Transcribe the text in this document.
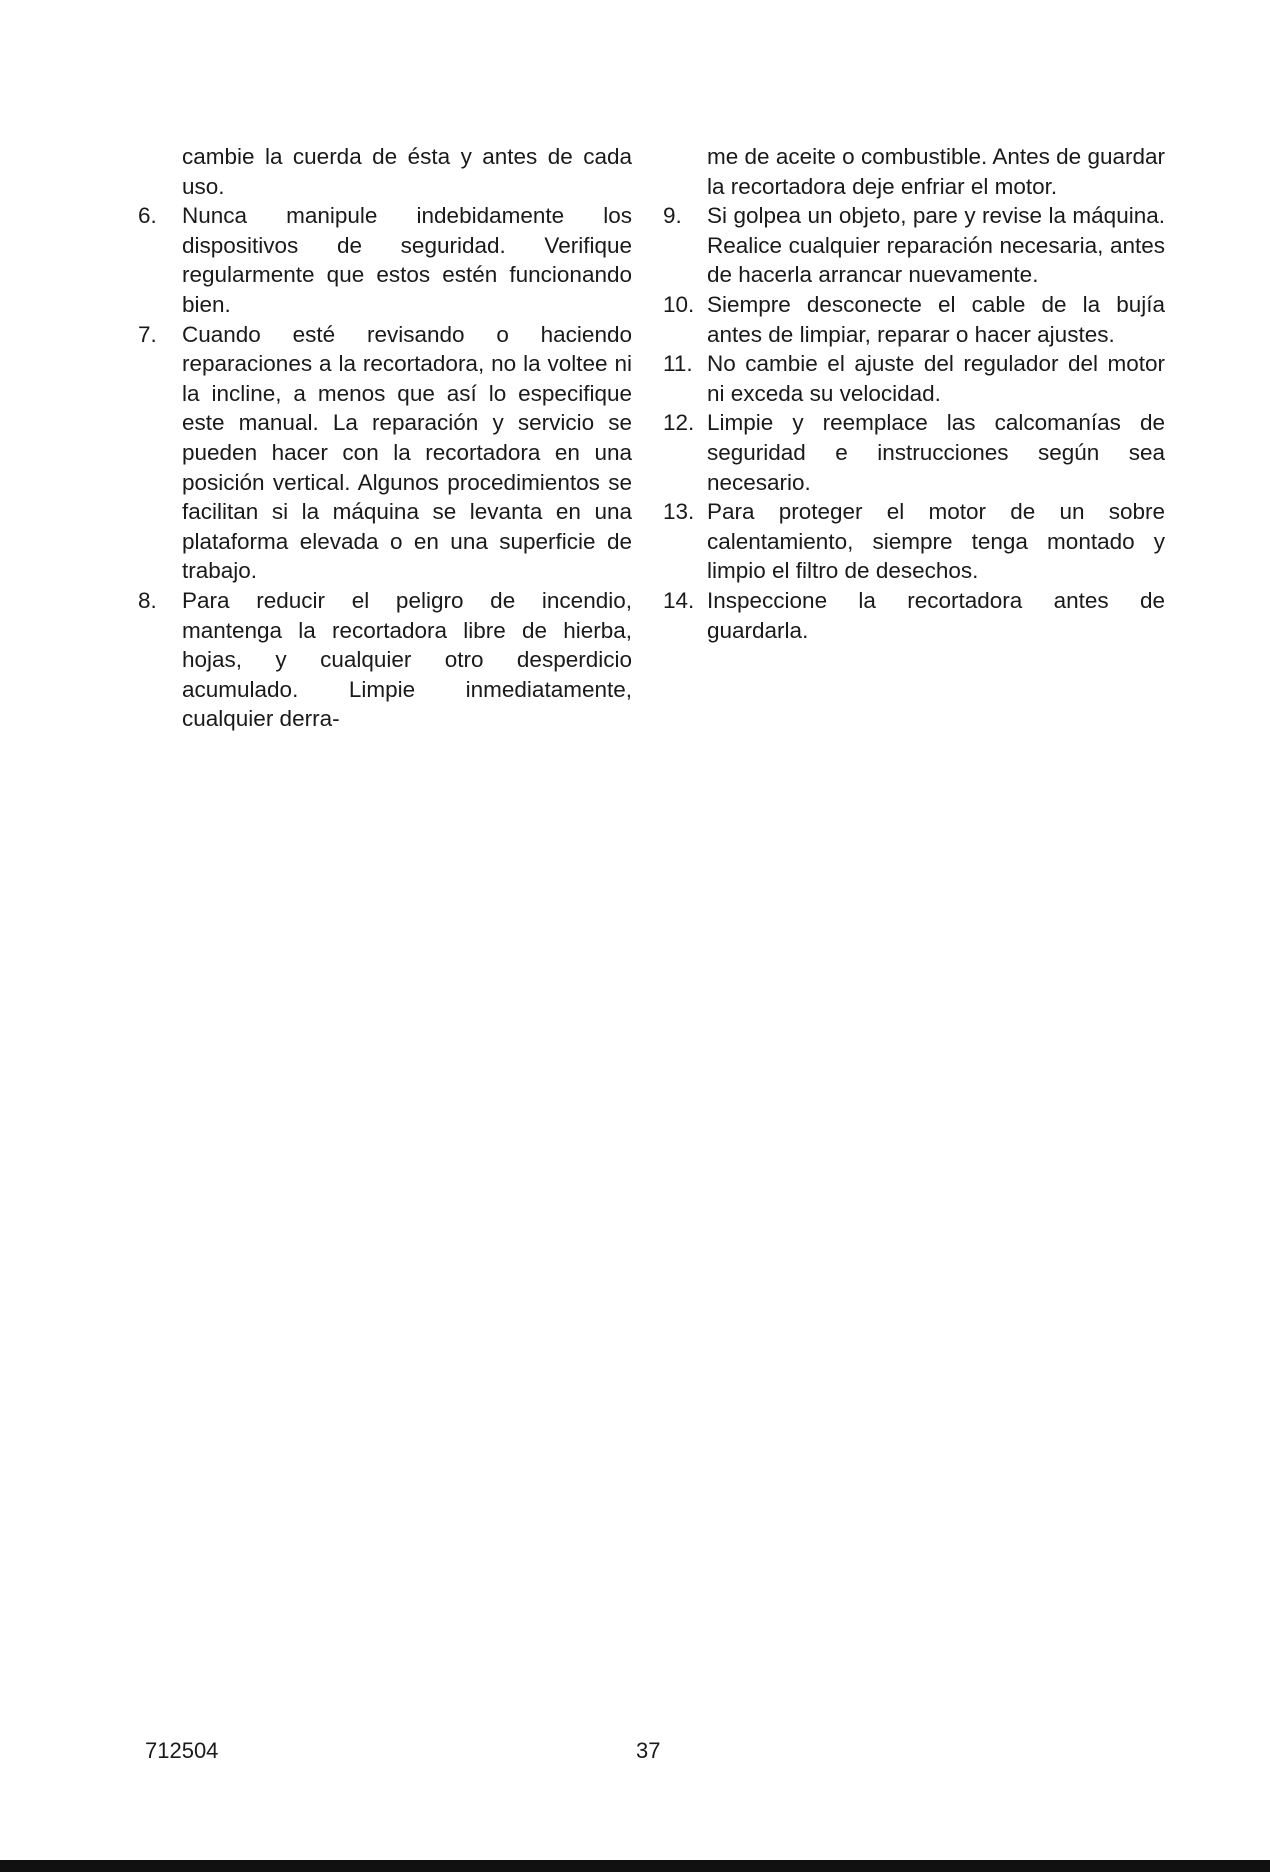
cambie la cuerda de ésta y antes de cada uso.
6.	Nunca manipule indebidamente los dispositivos de seguridad. Verifique regularmente que estos estén funcionando bien.
7.	Cuando esté revisando o haciendo reparaciones a la recortadora, no la voltee ni la incline, a menos que así lo especifique este manual. La reparación y servicio se pueden hacer con la recortadora en una posición vertical. Algunos procedimientos se facilitan si la máquina se levanta en una plataforma elevada o en una superficie de trabajo.
8.	Para reducir el peligro de incendio, mantenga la recortadora libre de hierba, hojas, y cualquier otro desperdicio acumulado. Limpie inmediatamente, cualquier derra-
me de aceite o combustible. Antes de guardar la recortadora deje enfriar el motor.
9.	Si golpea un objeto, pare y revise la máquina. Realice cualquier reparación necesaria, antes de hacerla arrancar nuevamente.
10. Siempre desconecte el cable de la bujía antes de limpiar, reparar o hacer ajustes.
11. No cambie el ajuste del regulador del motor ni exceda su velocidad.
12. Limpie y reemplace las calcomanías de seguridad e instrucciones según sea necesario.
13. Para proteger el motor de un sobre calentamiento, siempre tenga montado y limpio el filtro de desechos.
14. Inspeccione la recortadora antes de guardarla.
712504	37
